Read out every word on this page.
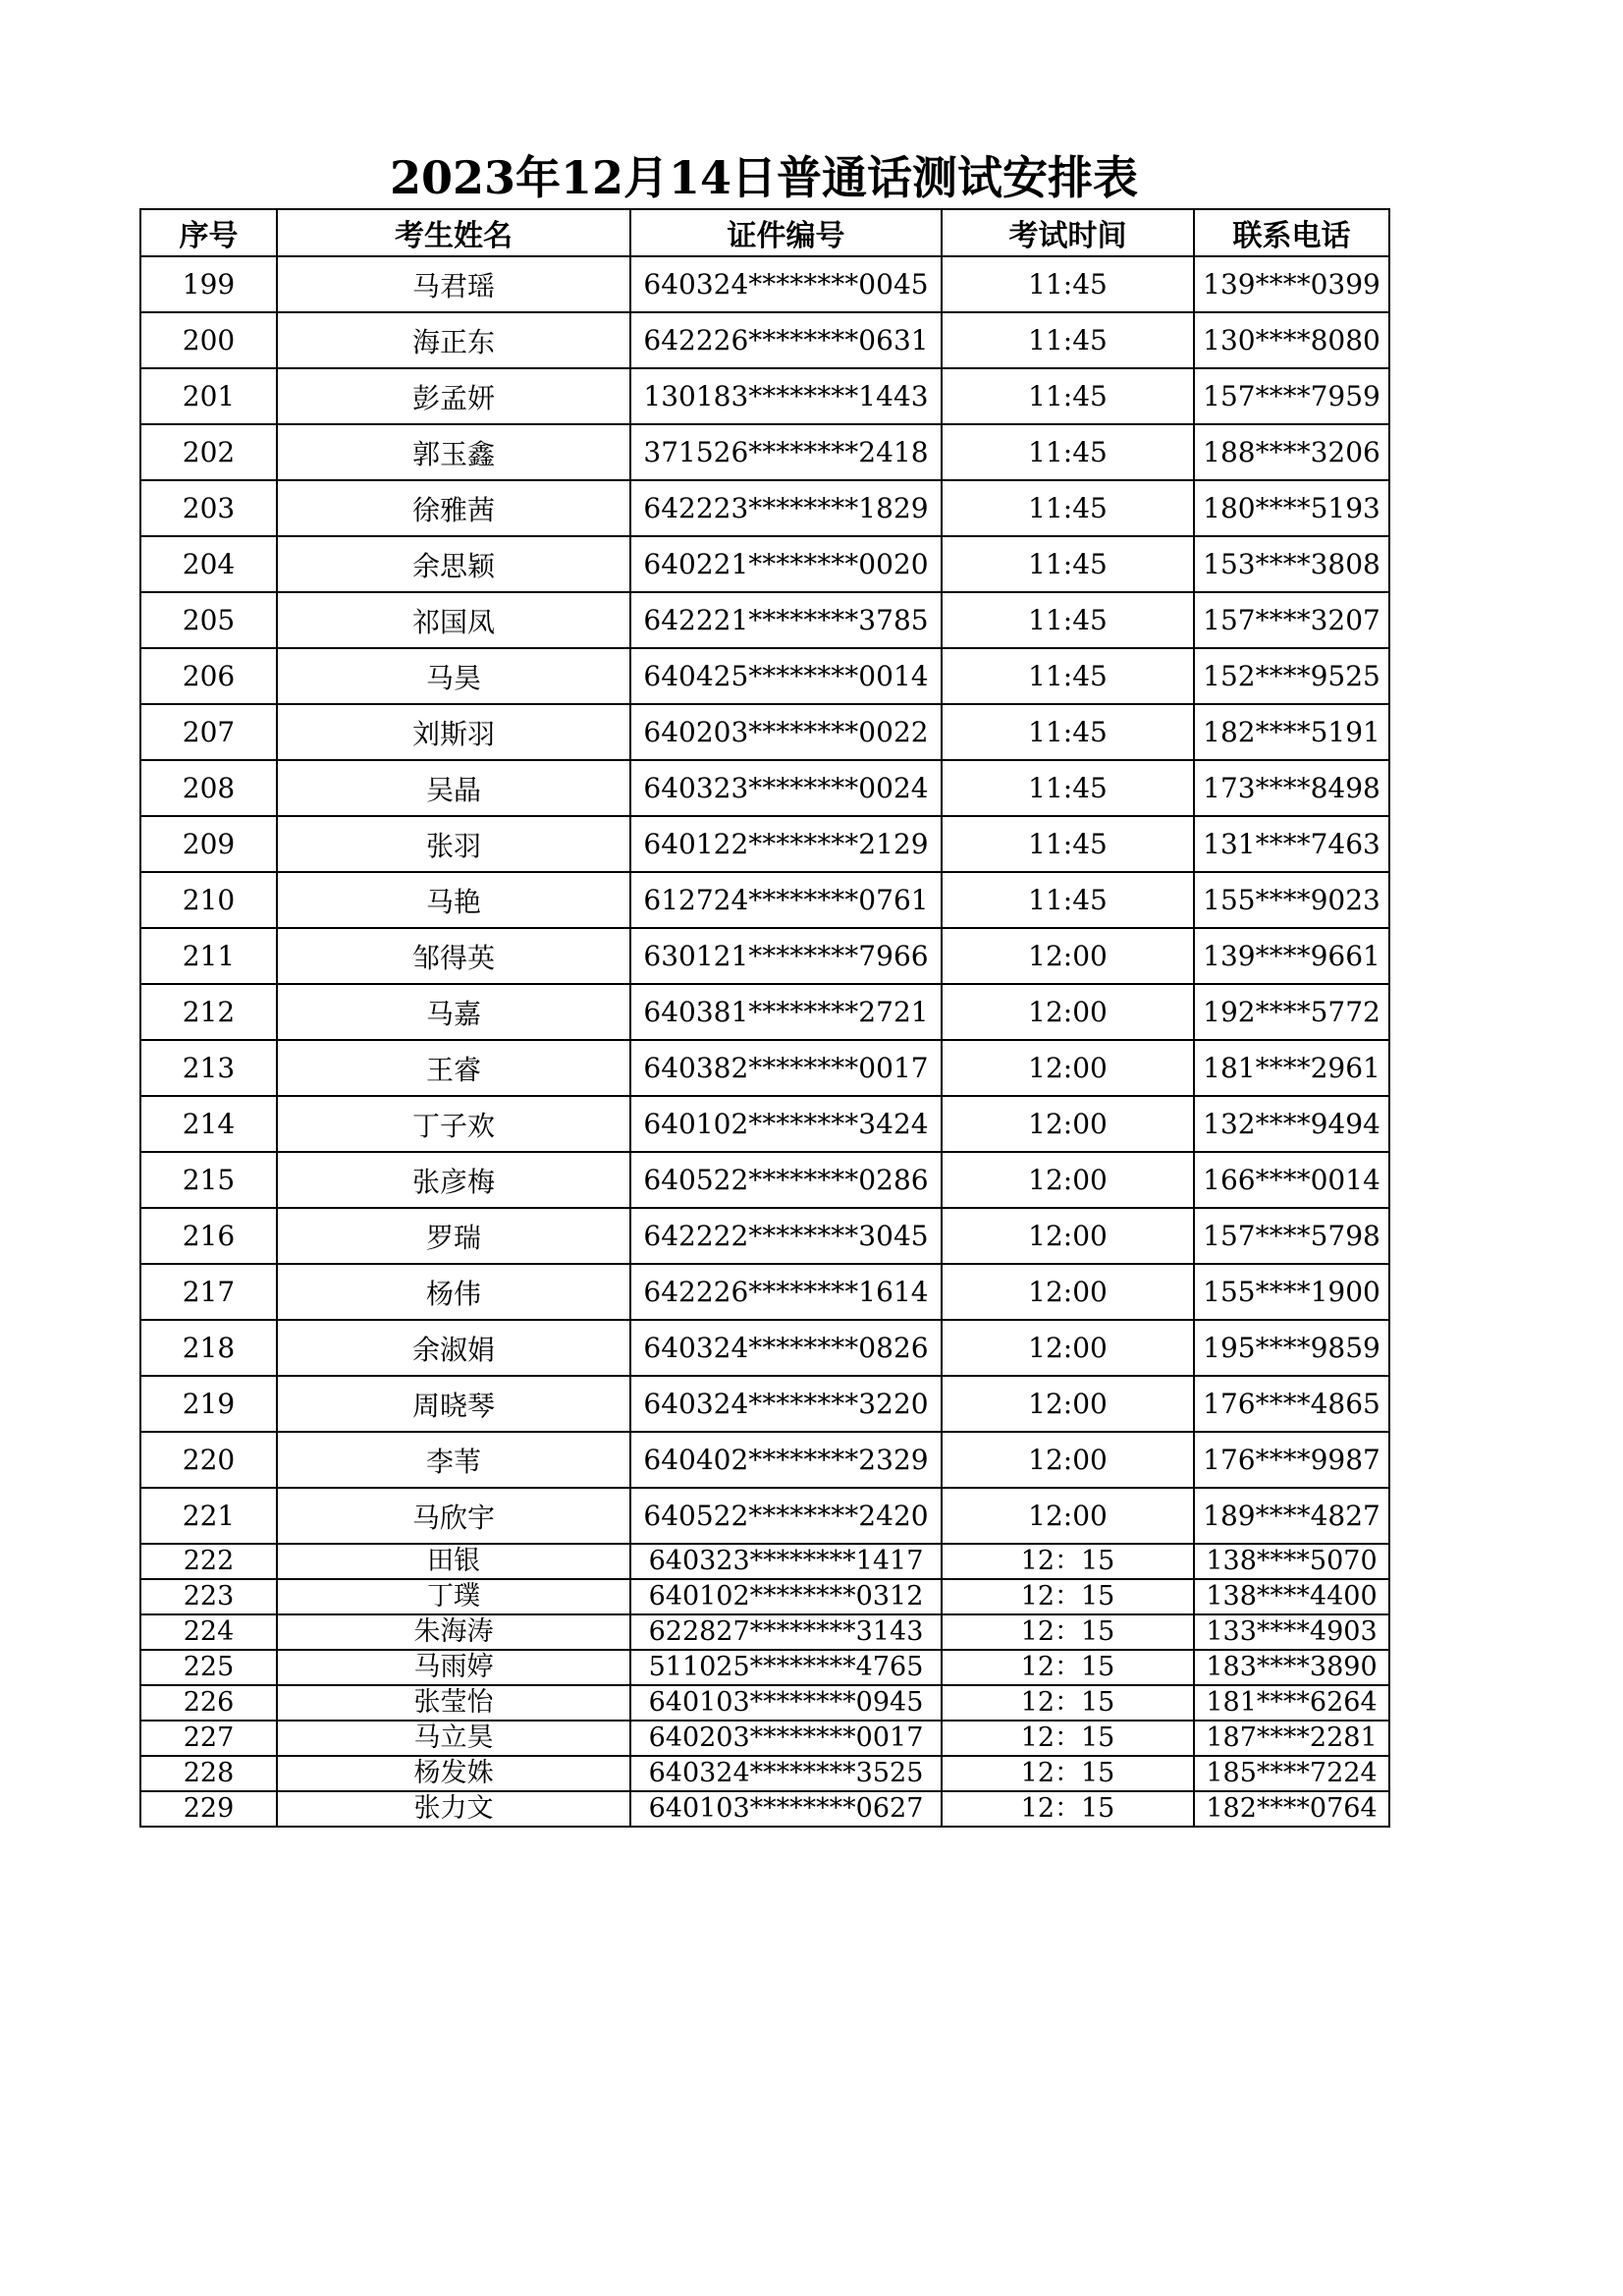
2023年12月14日普通话测试安排表
序号	考生姓名	证件编号	考试时间	联系电话
199	马君瑶	640324********0045	11:45	139****0399
200	海正东	642226********0631	11:45	130****8080
201	彭孟妍	130183********1443	11:45	157****7959
202	郭玉鑫	371526********2418	11:45	188****3206
203	徐雅茜	642223********1829	11:45	180****5193
204	余思颖	640221********0020	11:45	153****3808
205	祁国凤	642221********3785	11:45	157****3207
206	马昊	640425********0014	11:45	152****9525
207	刘斯羽	640203********0022	11:45	182****5191
208	吴晶	640323********0024	11:45	173****8498
209	张羽	640122********2129	11:45	131****7463
210	马艳	612724********0761	11:45	155****9023
211	邹得英	630121********7966	12:00	139****9661
212	马嘉	640381********2721	12:00	192****5772
213	王睿	640382********0017	12:00	181****2961
214	丁子欢	640102********3424	12:00	132****9494
215	张彦梅	640522********0286	12:00	166****0014
216	罗瑞	642222********3045	12:00	157****5798
217	杨伟	642226********1614	12:00	155****1900
218	余淑娟	640324********0826	12:00	195****9859
219	周晓琴	640324********3220	12:00	176****4865
220	李苇	640402********2329	12:00	176****9987
221	马欣宇	640522********2420	12:00	189****4827
222	田银	640323********1417	12：15	138****5070
223	丁璞	640102********0312	12：15	138****4400
224	朱海涛	622827********3143	12：15	133****4903
225	马雨婷	511025********4765	12：15	183****3890
226	张莹怡	640103********0945	12：15	181****6264
227	马立昊	640203********0017	12：15	187****2281
228	杨发姝	640324********3525	12：15	185****7224
229	张力文	640103********0627	12：15	182****0764
